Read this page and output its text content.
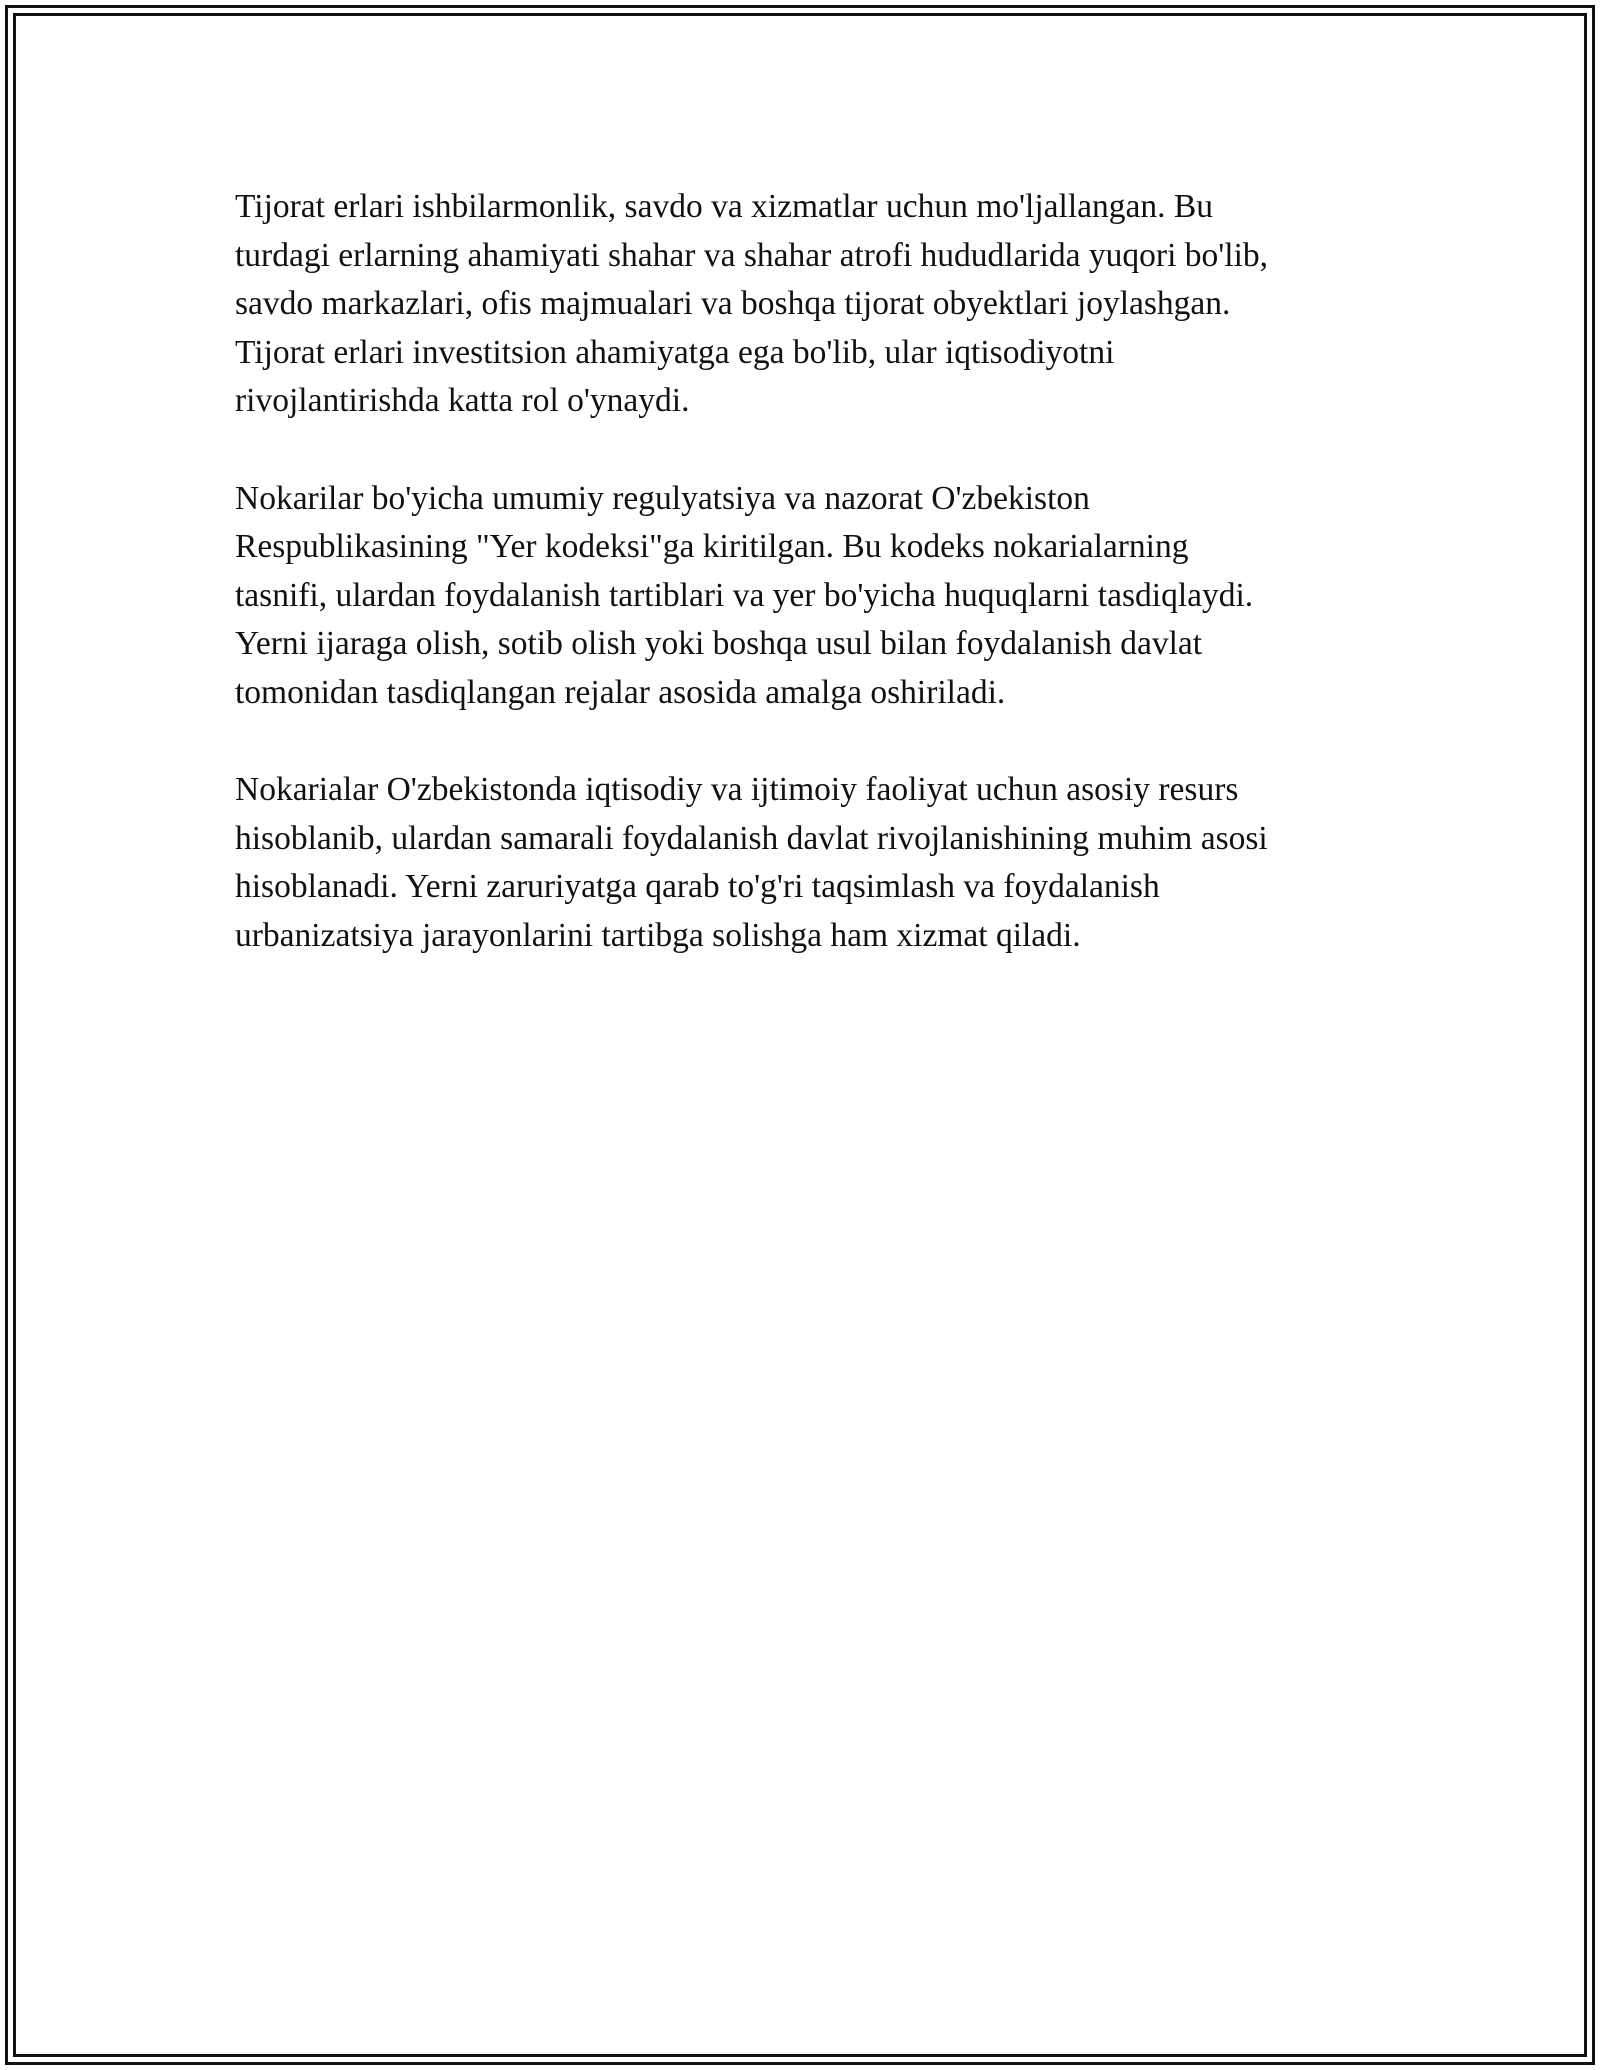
Tijorat erlari ishbilarmonlik, savdo va xizmatlar uchun mo'ljallangan. Bu
turdagi erlarning ahamiyati shahar va shahar atrofi hududlarida yuqori bo'lib,
savdo markazlari, ofis majmualari va boshqa tijorat obyektlari joylashgan.
Tijorat erlari investitsion ahamiyatga ega bo'lib, ular iqtisodiyotni
rivojlantirishda katta rol o'ynaydi.

Nokarilar bo'yicha umumiy regulyatsiya va nazorat O'zbekiston
Respublikasining "Yer kodeksi"ga kiritilgan. Bu kodeks nokarialarning
tasnifi, ulardan foydalanish tartiblari va yer bo'yicha huquqlarni tasdiqlaydi.
Yerni ijaraga olish, sotib olish yoki boshqa usul bilan foydalanish davlat
tomonidan tasdiqlangan rejalar asosida amalga oshiriladi.

Nokarialar O'zbekistonda iqtisodiy va ijtimoiy faoliyat uchun asosiy resurs
hisoblanib, ulardan samarali foydalanish davlat rivojlanishining muhim asosi
hisoblanadi. Yerni zaruriyatga qarab to'g'ri taqsimlash va foydalanish
urbanizatsiya jarayonlarini tartibga solishga ham xizmat qiladi.
